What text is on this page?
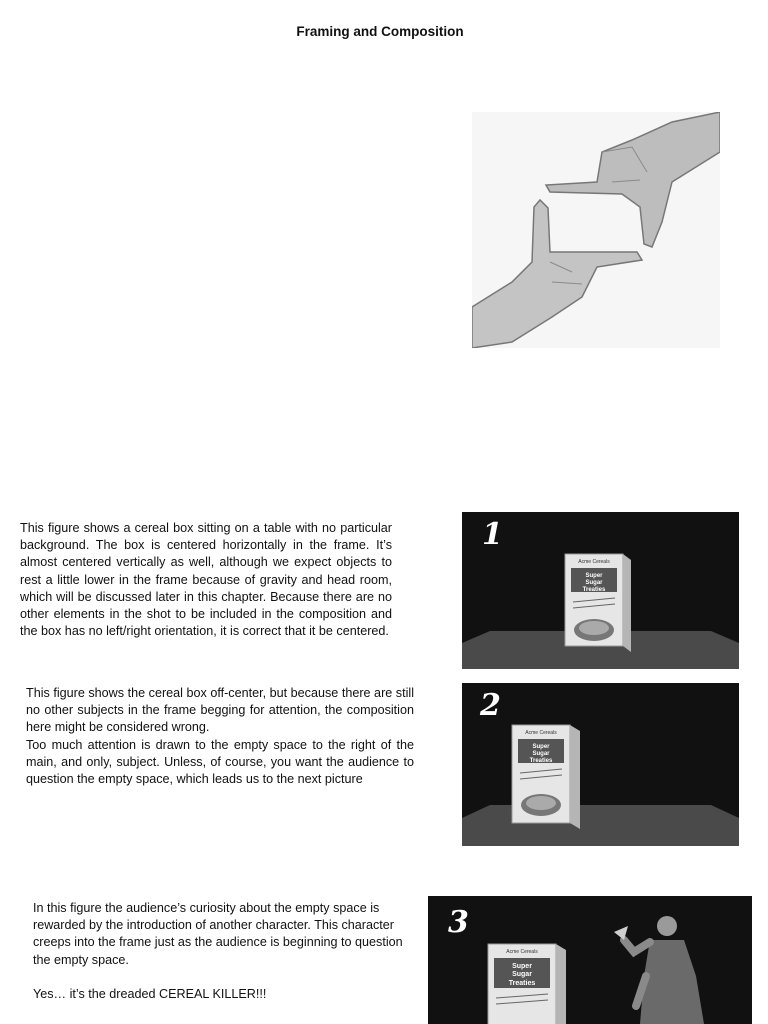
Framing and Composition

This figure shows a cereal box sitting on a table with no particular background. The box is centered horizontally in the frame. It’s almost centered vertically as well, although we expect objects to rest a little lower in the frame because of gravity and head room, which will be discussed later in this chapter. Because there are no other elements in the shot to be included in the composition and the box has no left/right orientation, it is correct that it be centered.

This figure shows the cereal box off-center, but because there are still no other subjects in the frame begging for attention, the composition here might be considered wrong.

Too much attention is drawn to the empty space to the right of the main, and only, subject. Unless, of course, you want the audience to question the empty space, which leads us to the next picture

In this figure the audience’s curiosity about the empty space is rewarded by the introduction of another character. This character creeps into the frame just as the audience is beginning to question the empty space.

Yes… it’s the dreaded CEREAL KILLER!!!

Acme Cereals
Super
Sugar
Treaties
1
Acme Cereals
Super
Sugar
Treaties
2
Acme Cereals
Super
Sugar
Treaties
3
